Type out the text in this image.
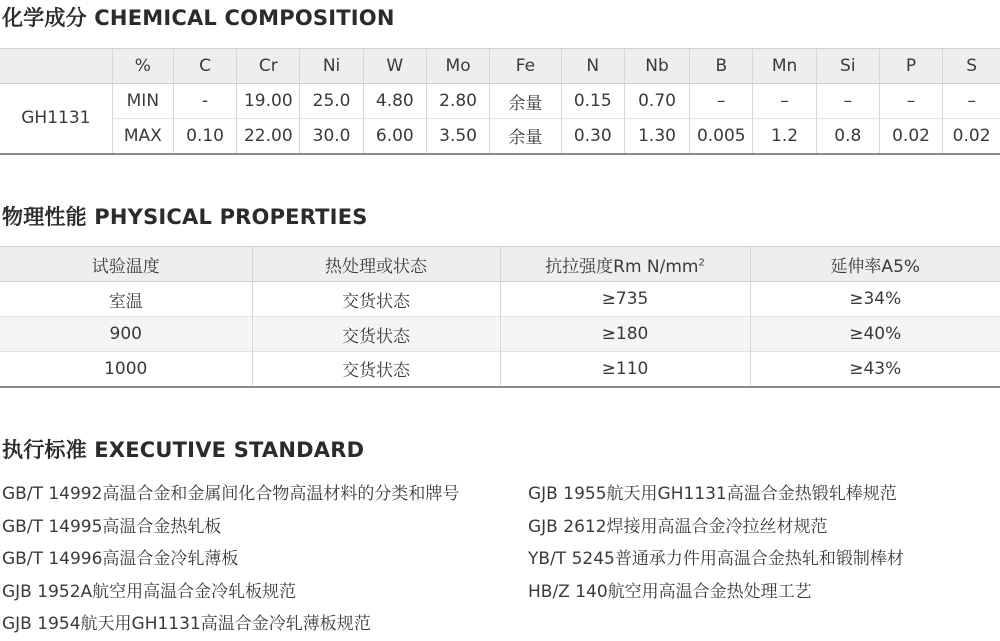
化学成分 CHEMICAL COMPOSITION
	%	C	Cr	Ni	W	Mo	Fe	N	Nb	B	Mn	Si	P	S
GH1131	MIN	-	19.00	25.0	4.80	2.80	余量	0.15	0.70	–	–	–	–	–
	MAX	0.10	22.00	30.0	6.00	3.50	余量	0.30	1.30	0.005	1.2	0.8	0.02	0.02
物理性能 PHYSICAL PROPERTIES
试验温度	热处理或状态	抗拉强度Rm $N/mm^2$	延伸率A5%
室温	交货状态	≥735	≥34%
900	交货状态	≥180	≥40%
1000	交货状态	≥110	≥43%
执行标准 EXECUTIVE STANDARD
GB/T 14992高温合金和金属间化合物高温材料的分类和牌号
GB/T 14995高温合金热轧板
GB/T 14996高温合金冷轧薄板
GJB 1952A航空用高温合金冷轧板规范
GJB 1954航天用GH1131高温合金冷轧薄板规范
GJB 1955航天用GH1131高温合金热锻轧棒规范
GJB 2612焊接用高温合金冷拉丝材规范
YB/T 5245普通承力件用高温合金热轧和锻制棒材
HB/Z 140航空用高温合金热处理工艺
